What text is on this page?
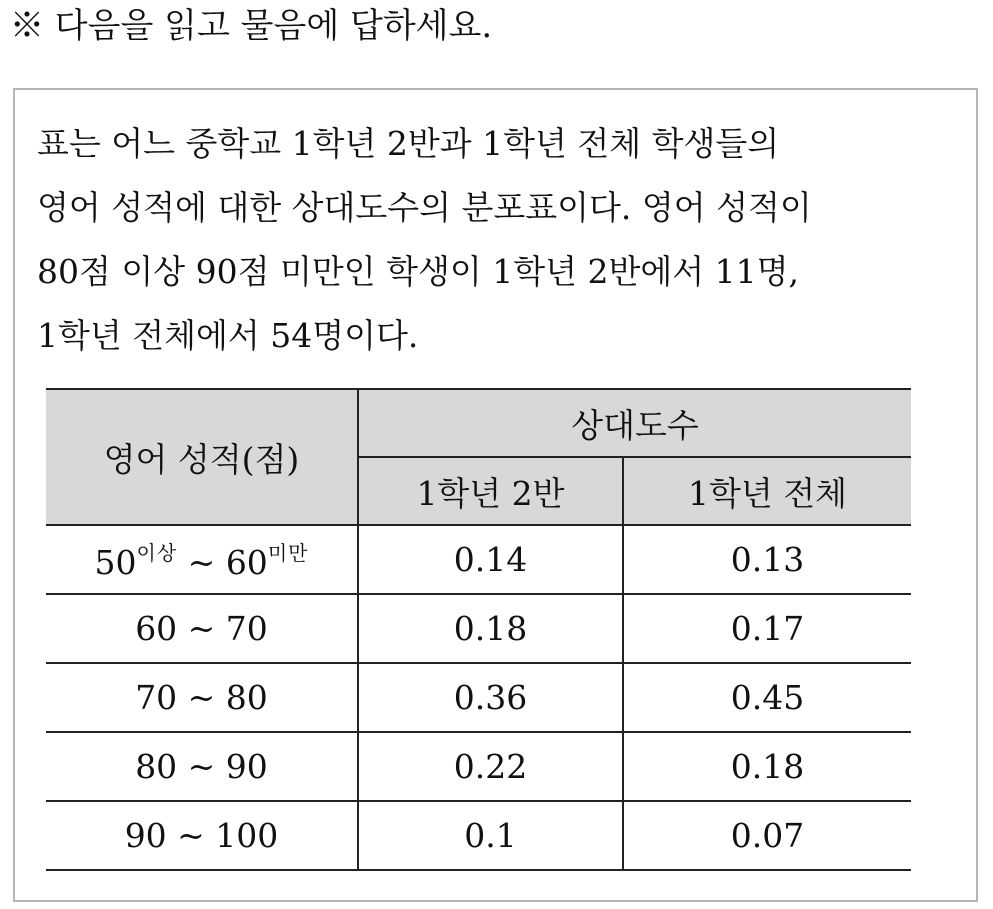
※ 다음을 읽고 물음에 답하세요.
표는 어느 중학교 1학년 2반과 1학년 전체 학생들의
영어 성적에 대한 상대도수의 분포표이다. 영어 성적이
80점 이상 90점 미만인 학생이 1학년 2반에서 11명,
1학년 전체에서 54명이다.
영어 성적(점)	상대도수	
	1학년 2반	1학년 전체
$50^{이상}$ ~ $60^{미만}$	0.14	0.13
60 ~ 70	0.18	0.17
70 ~ 80	0.36	0.45
80 ~ 90	0.22	0.18
90 ~ 100	0.1	0.07
